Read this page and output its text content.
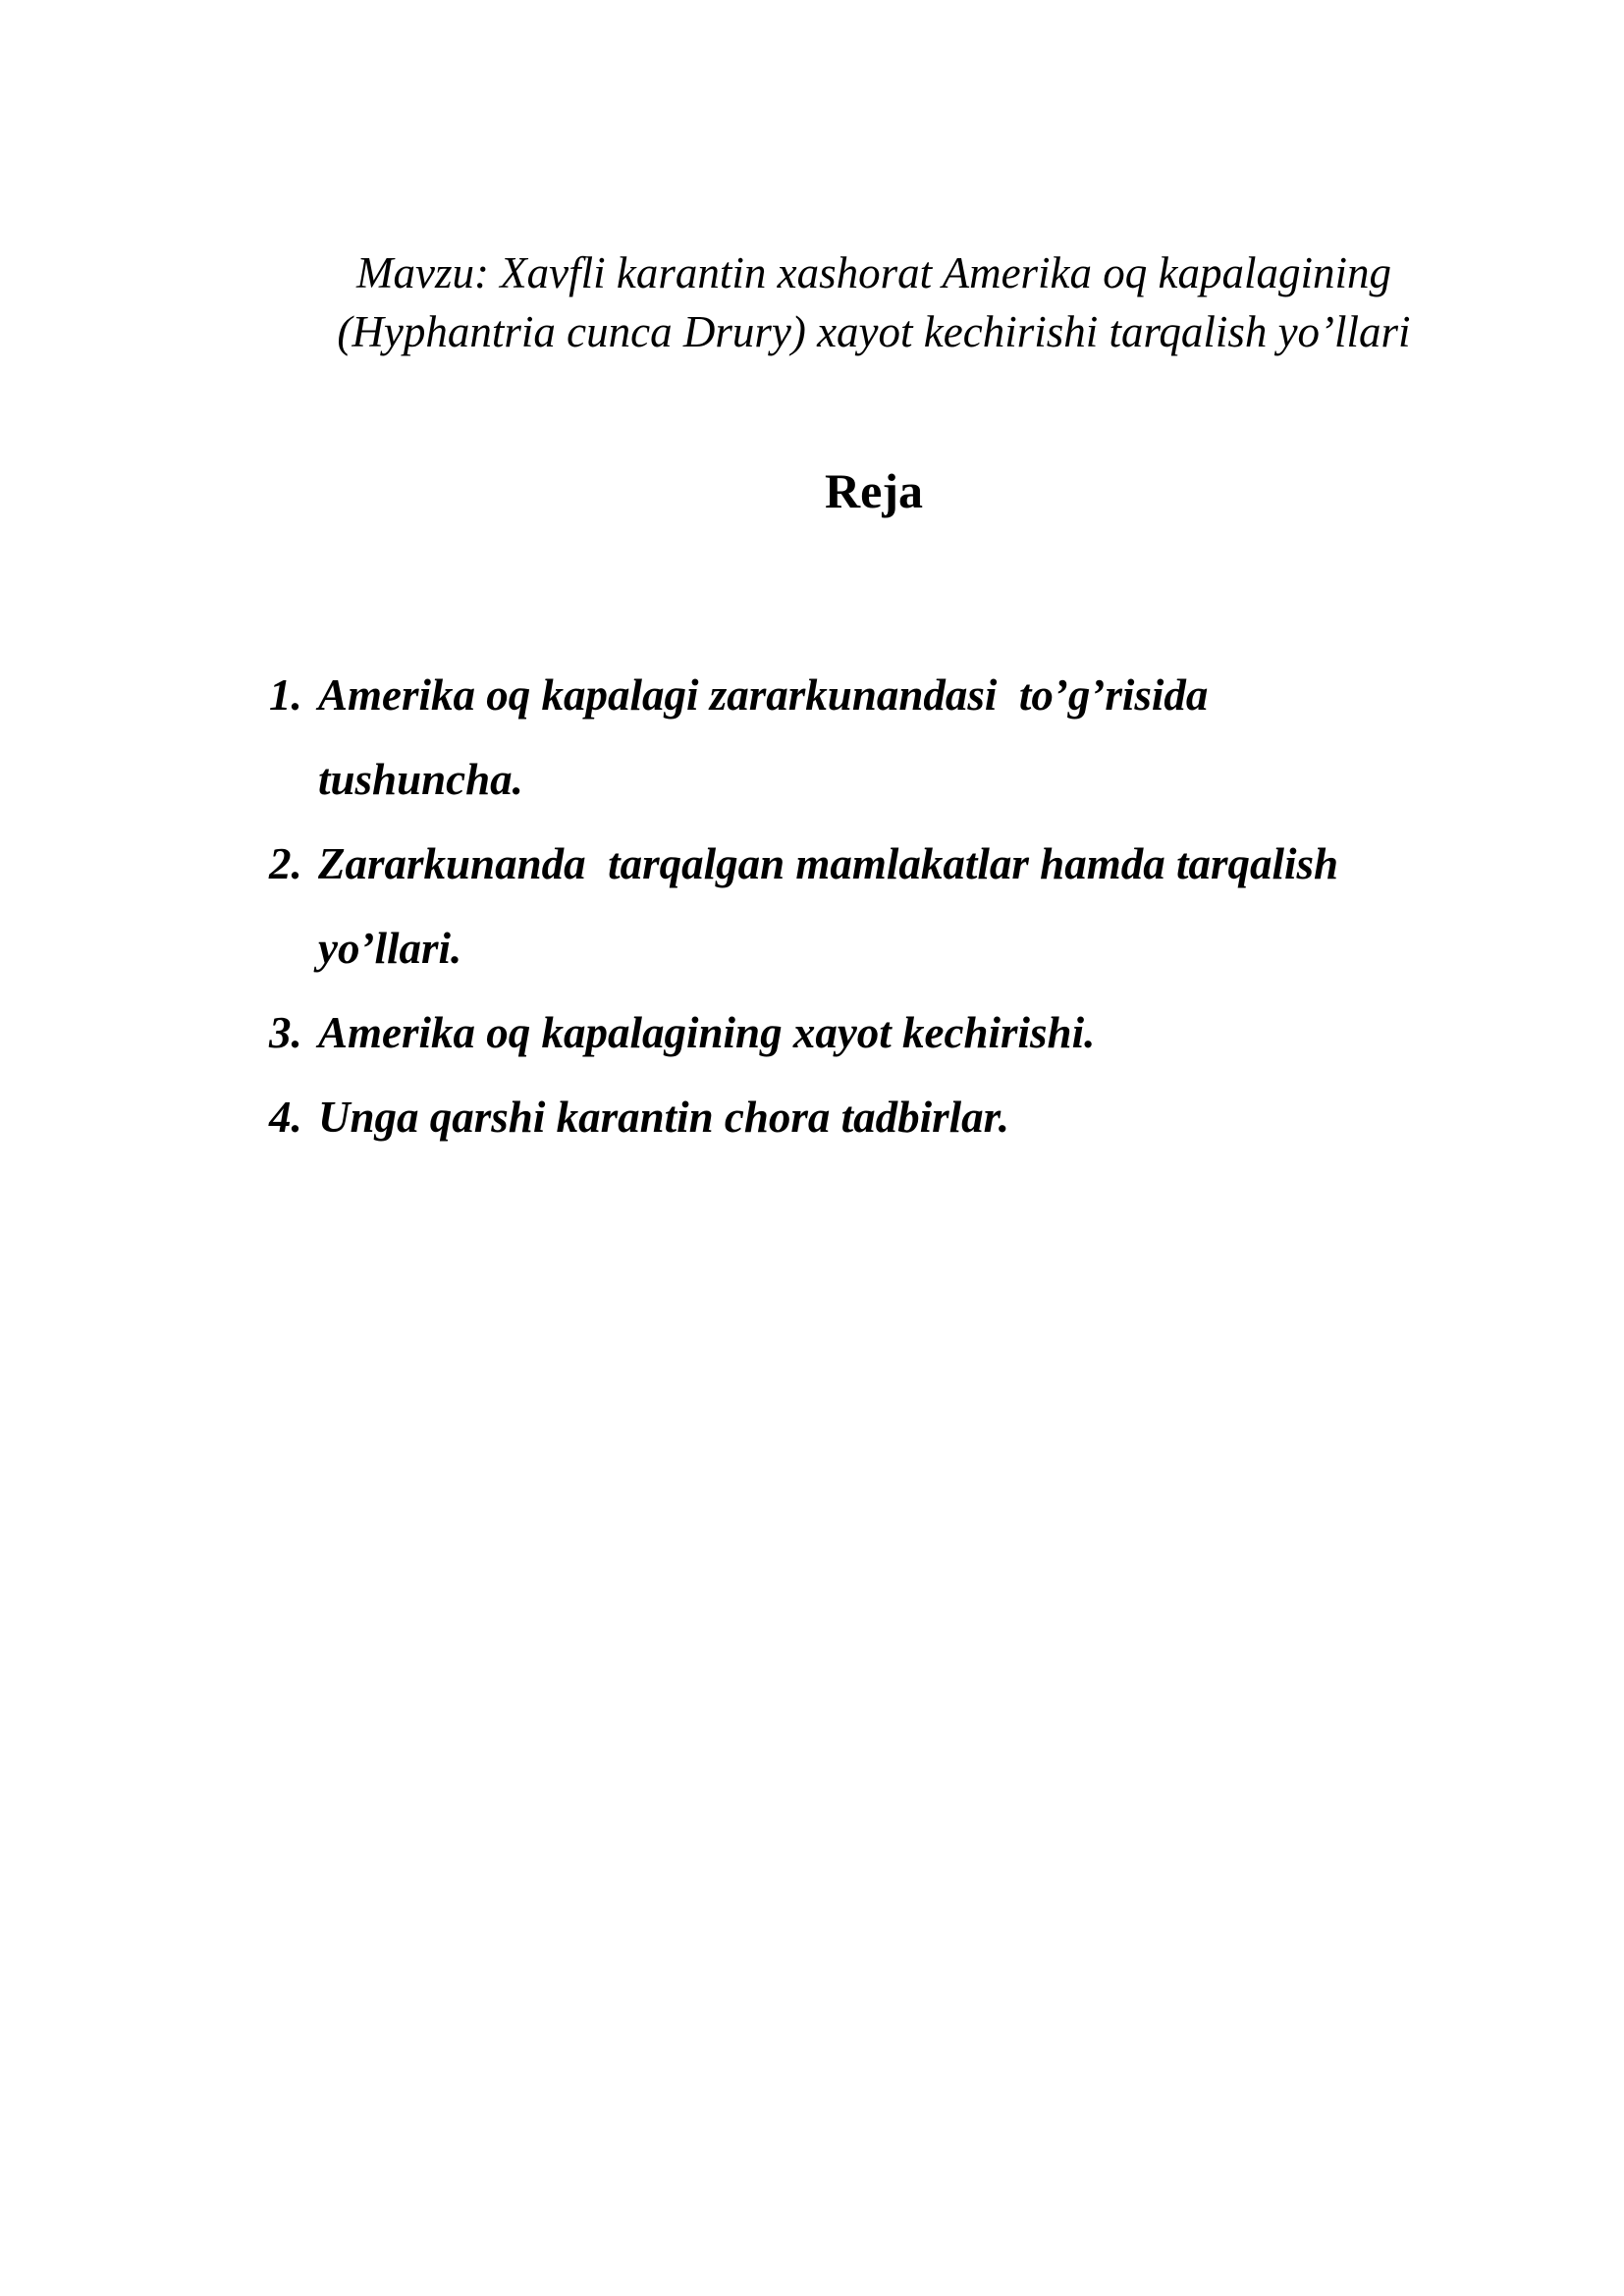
Mavzu: Xavfli karantin xashorat Amerika oq kapalagining
(Hyphantria cunca Drury) xayot kechirishi tarqalish yo’llari
Reja
1. Amerika oq kapalagi zararkunandasi  to’g’risida
tushuncha.
2. Zararkunanda  tarqalgan mamlakatlar hamda tarqalish
yo’llari.
3. Amerika oq kapalagining xayot kechirishi.
4. Unga qarshi karantin chora tadbirlar.
